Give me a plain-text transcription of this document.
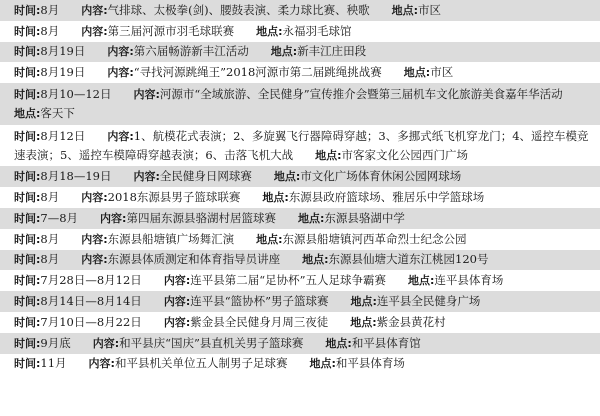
时间:8月 内容:气排球、太极拳(剑)、腰鼓表演、柔力球比赛、秧歌 地点:市区
时间:8月 内容:第三届河源市羽毛球联赛 地点:永福羽毛球馆
时间:8月19日 内容:第六届畅游新丰江活动 地点:新丰江庄田段
时间:8月19日 内容:“寻找河源跳绳王”2018河源市第二届跳绳挑战赛 地点:市区
时间:8月10—12日 内容:河源市“全域旅游、全民健身”宣传推介会暨第三届机车文化旅游美食嘉年华活动地点:客天下
时间:8月12日 内容:1、航模花式表演；2、多旋翼飞行器障碍穿越；3、多挪式纸飞机穿龙门；4、遥控车模竞速表演；5、遥控车模障碍穿越表演；6、击落飞机大战 地点:市客家文化公园西门广场
时间:8月18—19日 内容:全民健身日网球赛 地点:市文化广场体育休闲公园网球场
时间:8月 内容:2018东源县男子篮球联赛 地点:东源县政府篮球场、雅居乐中学篮球场
时间:7—8月 内容:第四届东源县骆湖村居篮球赛 地点:东源县骆湖中学
时间:8月 内容:东源县船塘镇广场舞汇演 地点:东源县船塘镇河西革命烈士纪念公园
时间:8月 内容:东源县体质测定和体育指导员讲座 地点:东源县仙塘大道东江桃园120号
时间:7月28日—8月12日 内容:连平县第二届“足协杯”五人足球争霸赛 地点:连平县体育场
时间:8月14日—8月14日 内容:连平县“篮协杯”男子篮球赛 地点:连平县全民健身广场
时间:7月10日—8月22日 内容:紫金县全民健身月周三夜徒 地点:紫金县黄花村
时间:9月底 内容:和平县庆“国庆”县直机关男子篮球赛 地点:和平县体育馆
时间:11月 内容:和平县机关单位五人制男子足球赛 地点:和平县体育场
